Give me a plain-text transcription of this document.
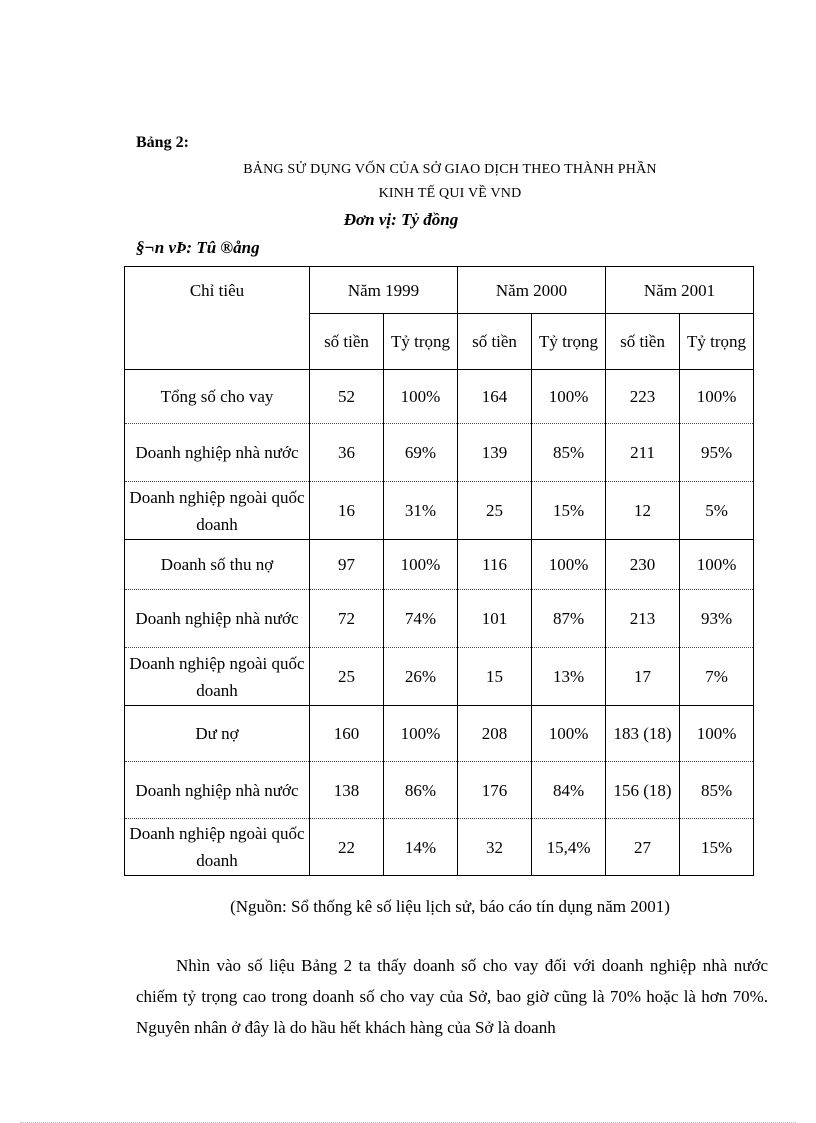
Bảng 2:
BẢNG SỬ DỤNG VỐN CỦA SỞ GIAO DỊCH THEO THÀNH PHẦN
KINH TẾ QUI VỀ VND
Đơn vị: Tỷ đồng
§¬n vÞ: Tû ®ång
Chỉ tiêu	Năm 1999		Năm 2000		Năm 2001	
	số tiền	Tỷ trọng	số tiền	Tỷ trọng	số tiền	Tỷ trọng
Tổng số cho vay	52	100%	164	100%	223	100%
Doanh nghiệp nhà nước	36	69%	139	85%	211	95%
Doanh nghiệp ngoài quốc doanh	16	31%	25	15%	12	5%
Doanh số thu nợ	97	100%	116	100%	230	100%
Doanh nghiệp nhà nước	72	74%	101	87%	213	93%
Doanh nghiệp ngoài quốc doanh	25	26%	15	13%	17	7%
Dư nợ	160	100%	208	100%	183 (18)	100%
Doanh nghiệp nhà nước	138	86%	176	84%	156 (18)	85%
Doanh nghiệp ngoài quốc doanh	22	14%	32	15,4%	27	15%
(Nguồn: Sổ thống kê số liệu lịch sử, báo cáo tín dụng năm 2001)
Nhìn vào số liệu Bảng 2 ta thấy doanh số cho vay đối với doanh nghiệp nhà nước chiếm tỷ trọng cao trong doanh số cho vay của Sở, bao giờ cũng là 70% hoặc là hơn 70%. Nguyên nhân ở đây là do hầu hết khách hàng của Sở là doanh
